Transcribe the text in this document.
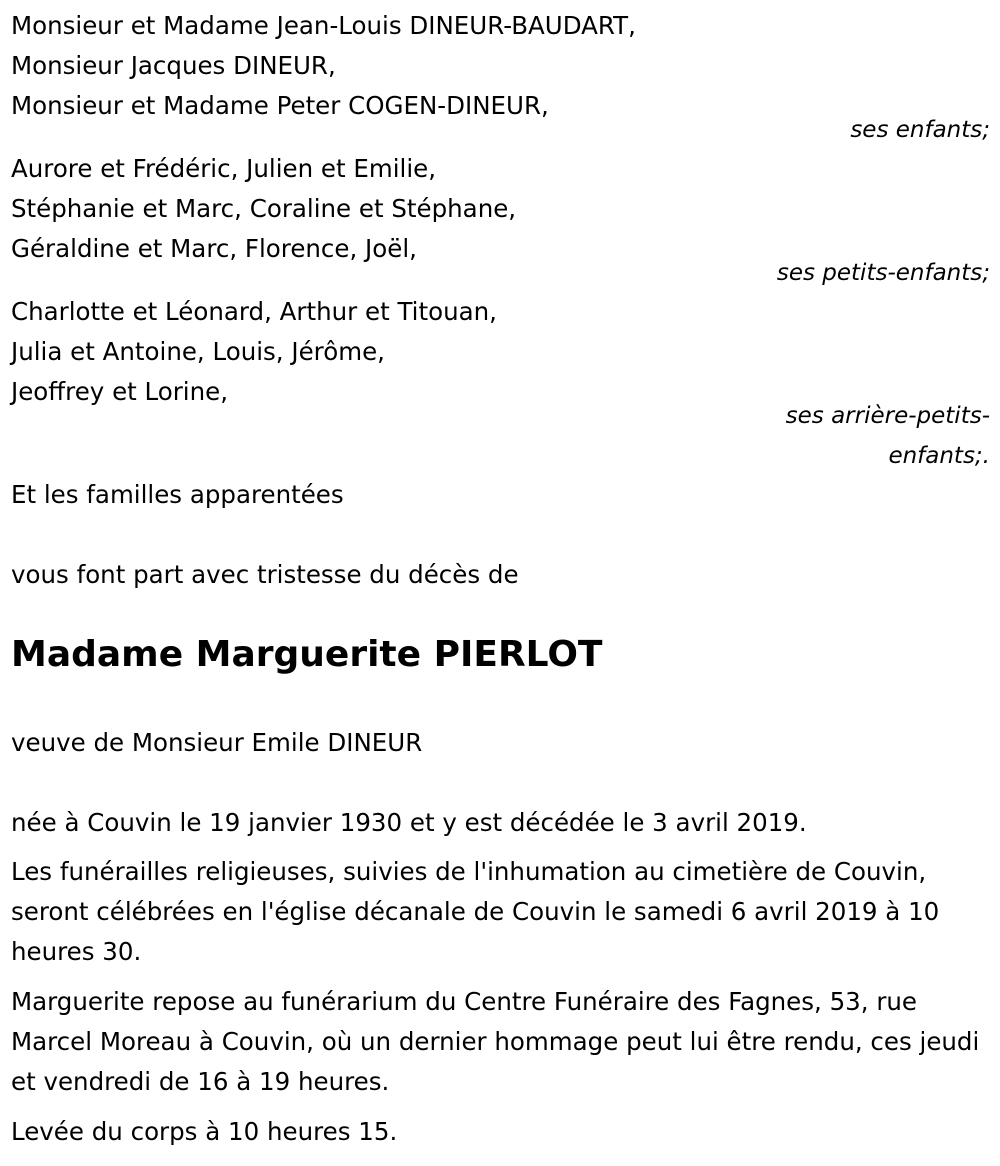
Monsieur et Madame Jean-Louis DINEUR-BAUDART,
Monsieur Jacques DINEUR,
Monsieur et Madame Peter COGEN-DINEUR,
ses enfants;
Aurore et Frédéric, Julien et Emilie,
Stéphanie et Marc, Coraline et Stéphane,
Géraldine et Marc, Florence, Joël,
ses petits-enfants;
Charlotte et Léonard, Arthur et Titouan,
Julia et Antoine, Louis, Jérôme,
Jeoffrey et Lorine,
ses arrière-petits-
enfants;.
Et les familles apparentées
vous font part avec tristesse du décès de
Madame Marguerite PIERLOT
veuve de Monsieur Emile DINEUR
née à Couvin le 19 janvier 1930 et y est décédée le 3 avril 2019.
Les funérailles religieuses, suivies de l'inhumation au cimetière de Couvin, seront célébrées en l'église décanale de Couvin le samedi 6 avril 2019 à 10 heures 30.
Marguerite repose au funérarium du Centre Funéraire des Fagnes, 53, rue Marcel Moreau à Couvin, où un dernier hommage peut lui être rendu, ces jeudi et vendredi de 16 à 19 heures.
Levée du corps à 10 heures 15.
